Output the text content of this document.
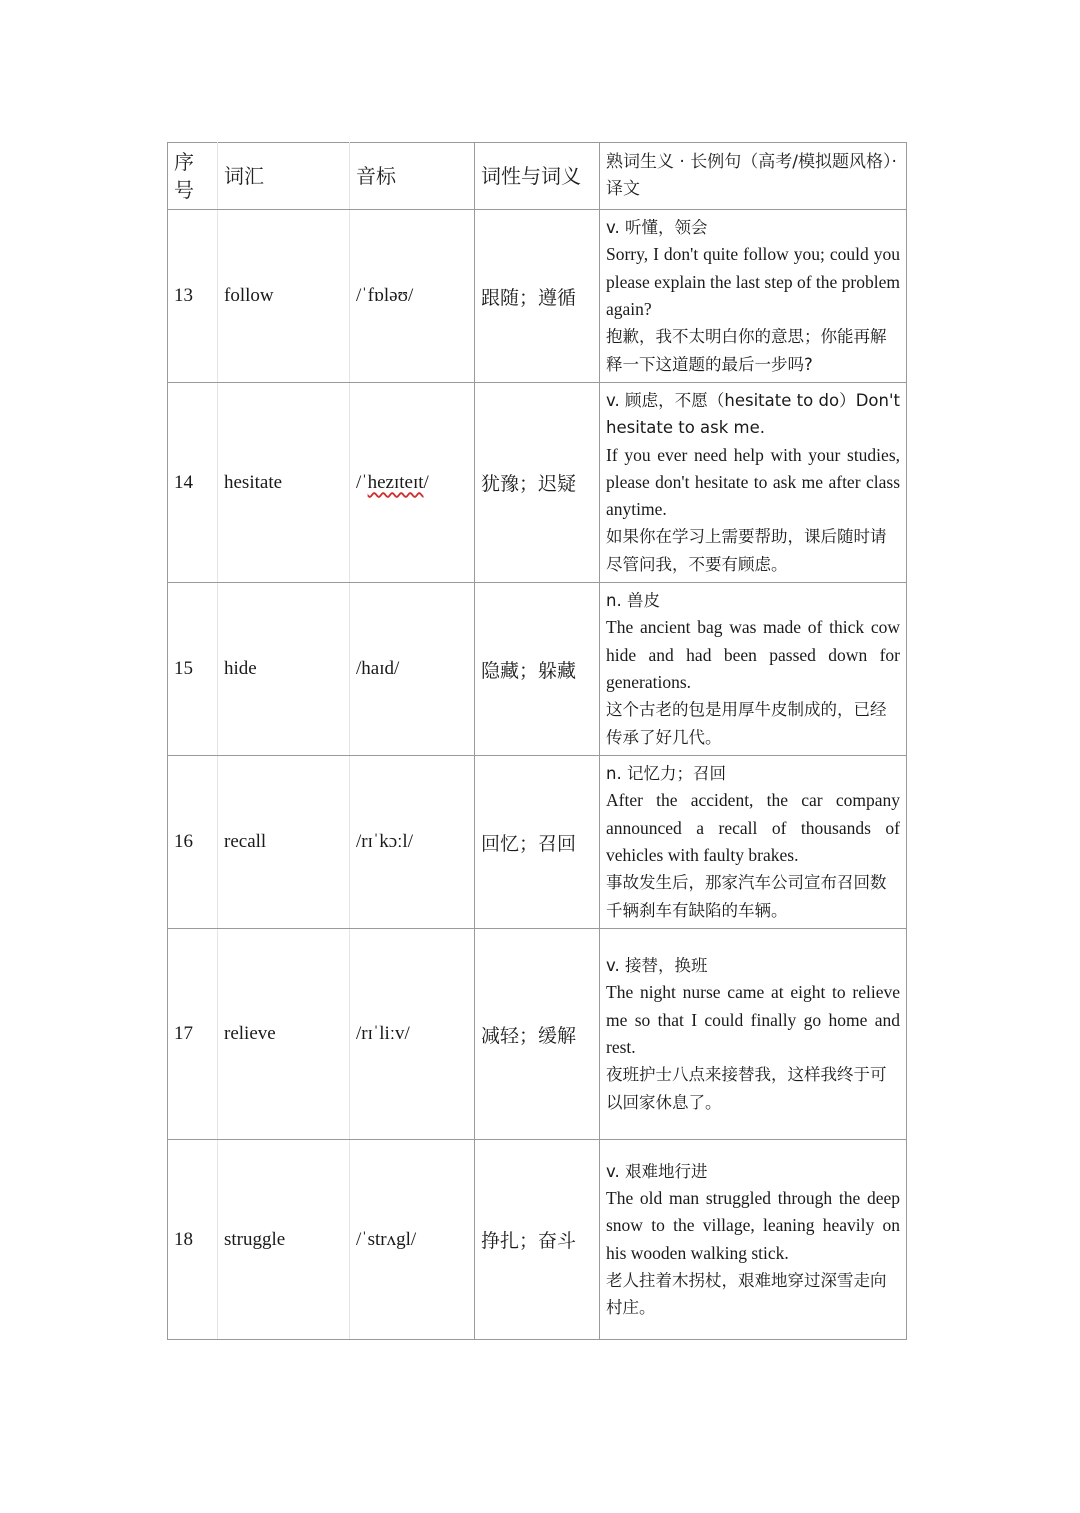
序
号	词汇	音标	词性与词义	熟词生义 · 长例句（高考/模拟题风格）· 译文
13	follow	/ˈfɒləʊ/	跟随；遵循	v. 听懂，领会
Sorry, I don't quite follow you; could you please explain the last step of the problem again?
抱歉，我不太明白你的意思；你能再解释一下这道题的最后一步吗?

14	hesitate	/ˈhezɪteɪt/	犹豫；迟疑	v. 顾虑，不愿（hesitate to do）Don't hesitate to ask me.
If you ever need help with your studies, please don't hesitate to ask me after class anytime.
如果你在学习上需要帮助，课后随时请尽管问我，不要有顾虑。

15	hide	/haɪd/	隐藏；躲藏	n. 兽皮
The ancient bag was made of thick cow hide and had been passed down for generations.
这个古老的包是用厚牛皮制成的，已经传承了好几代。

16	recall	/rɪˈkɔːl/	回忆；召回	n. 记忆力；召回
After the accident, the car company announced a recall of thousands of vehicles with faulty brakes.
事故发生后，那家汽车公司宣布召回数千辆刹车有缺陷的车辆。

17	relieve	/rɪˈliːv/	减轻；缓解	v. 接替，换班
The night nurse came at eight to relieve me so that I could finally go home and rest.
夜班护士八点来接替我，这样我终于可以回家休息了。

18	struggle	/ˈstrʌgl/	挣扎；奋斗	v. 艰难地行进
The old man struggled through the deep snow to the village, leaning heavily on his wooden walking stick.
老人拄着木拐杖，艰难地穿过深雪走向村庄。
